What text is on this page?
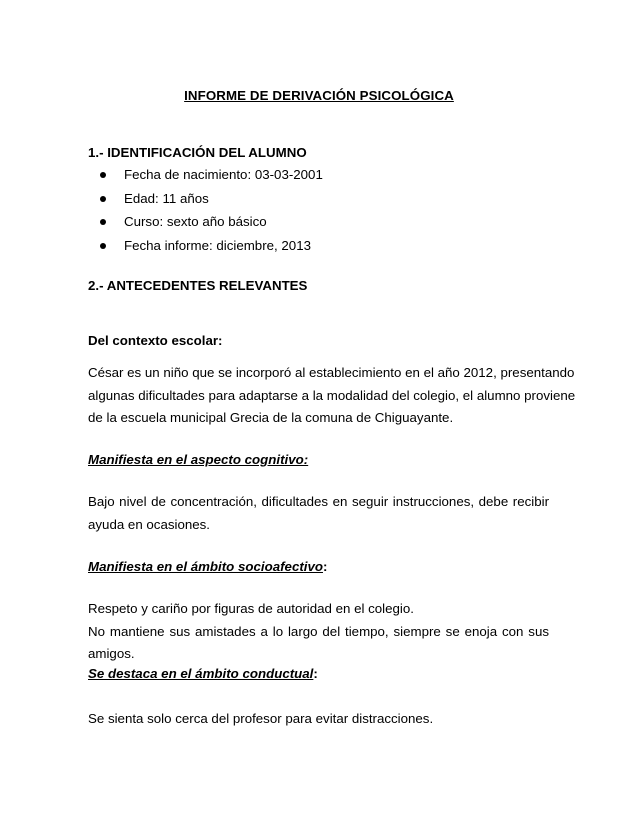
INFORME DE DERIVACIÓN PSICOLÓGICA
1.- IDENTIFICACIÓN DEL ALUMNO
Fecha de nacimiento: 03-03-2001
Edad: 11 años
Curso: sexto año básico
Fecha informe: diciembre, 2013
2.- ANTECEDENTES RELEVANTES
Del contexto escolar:
César es un niño que se incorporó al establecimiento en el año 2012, presentando
algunas dificultades para adaptarse a la modalidad del colegio, el alumno proviene
de la escuela municipal Grecia de la comuna de Chiguayante.
Manifiesta en el aspecto cognitivo:
Bajo nivel de concentración, dificultades en seguir instrucciones, debe recibir
ayuda en ocasiones.
Manifiesta en el ámbito socioafectivo:
Respeto y cariño por figuras de autoridad en el colegio.
No mantiene sus amistades a lo largo del tiempo, siempre se enoja con sus
amigos.
Se destaca en el ámbito conductual:
Se sienta solo cerca del profesor para evitar distracciones.
